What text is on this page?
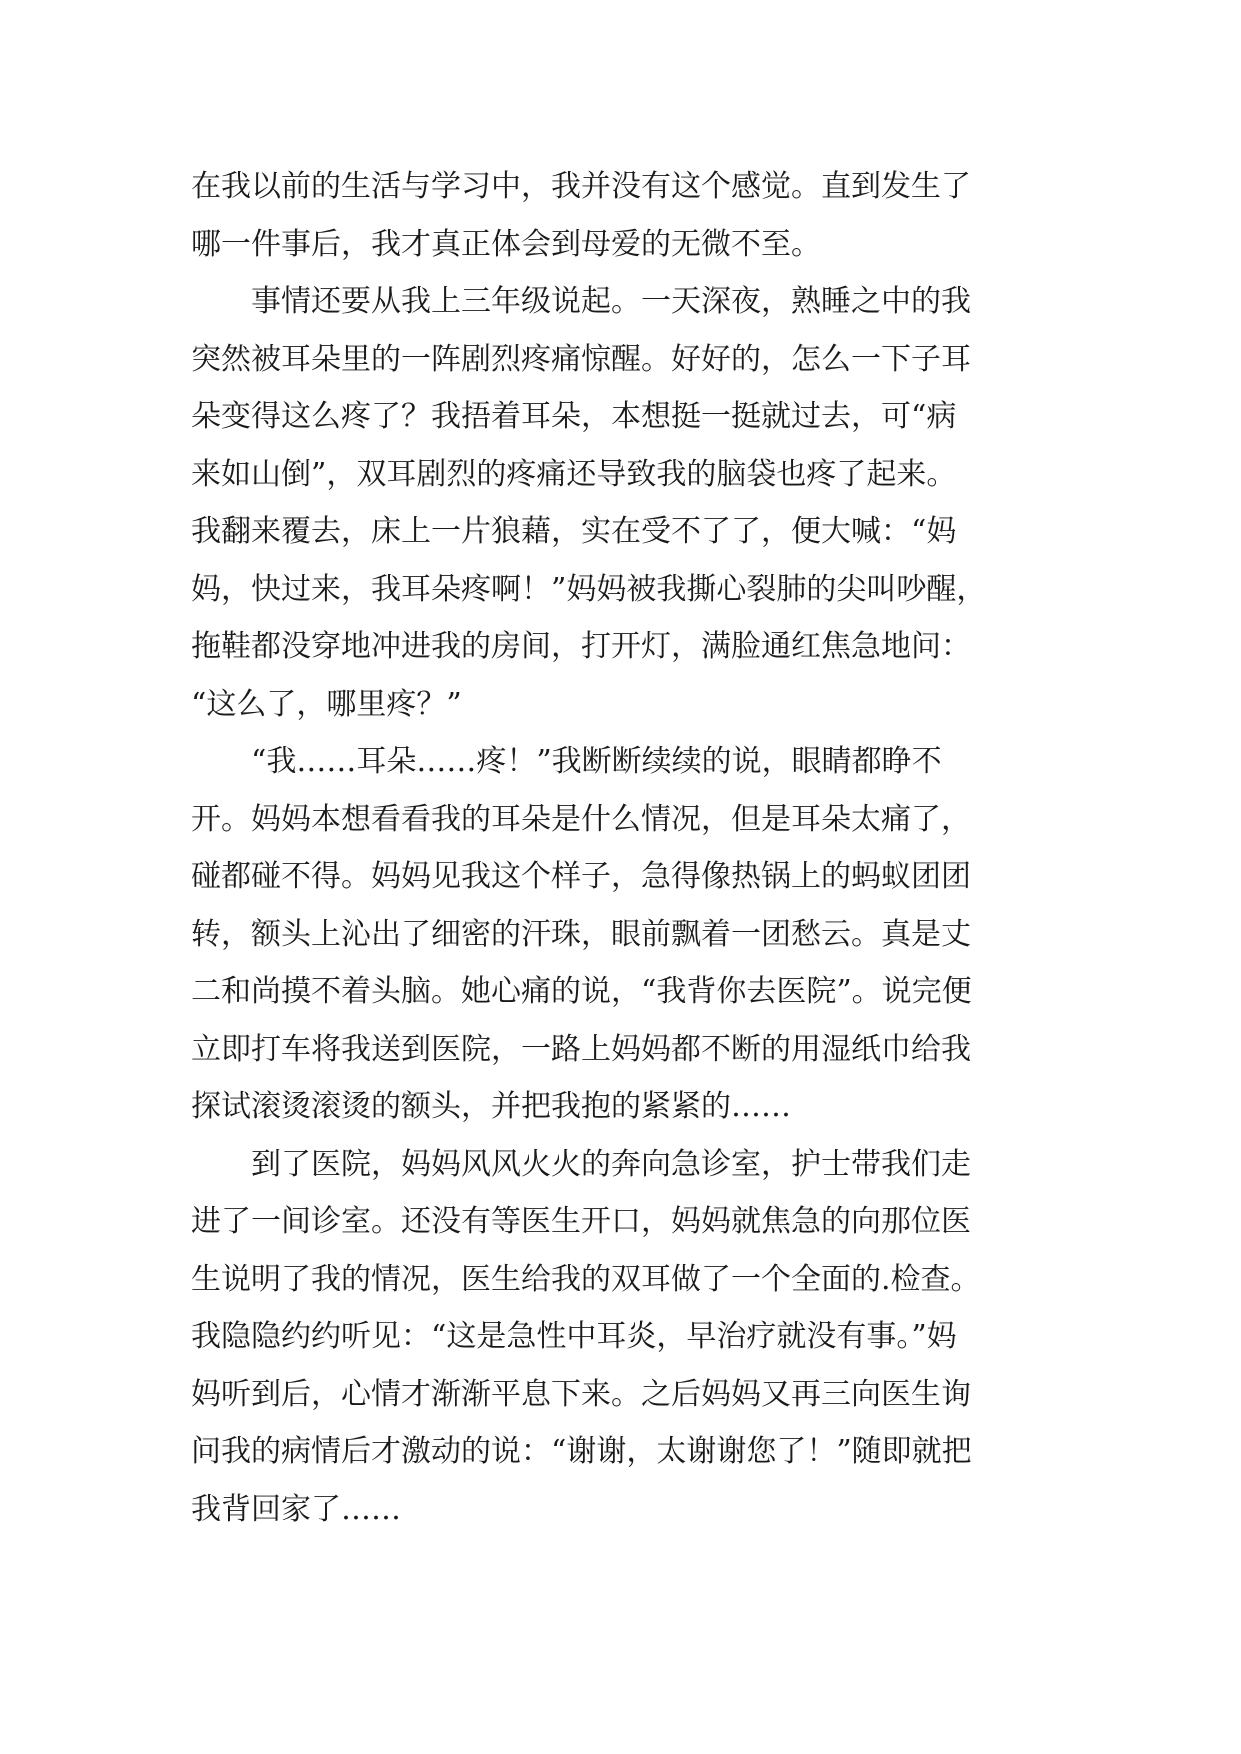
在我以前的生活与学习中，我并没有这个感觉。直到发生了
哪一件事后，我才真正体会到母爱的无微不至。
事情还要从我上三年级说起。一天深夜，熟睡之中的我
突然被耳朵里的一阵剧烈疼痛惊醒。好好的，怎么一下子耳
朵变得这么疼了？我捂着耳朵，本想挺一挺就过去，可“病
来如山倒”，双耳剧烈的疼痛还导致我的脑袋也疼了起来。
我翻来覆去，床上一片狼藉，实在受不了了，便大喊：“妈
妈，快过来，我耳朵疼啊！”妈妈被我撕心裂肺的尖叫吵醒，
拖鞋都没穿地冲进我的房间，打开灯，满脸通红焦急地问：
“这么了，哪里疼？”
“我……耳朵……疼！”我断断续续的说，眼睛都睁不
开。妈妈本想看看我的耳朵是什么情况，但是耳朵太痛了，
碰都碰不得。妈妈见我这个样子，急得像热锅上的蚂蚁团团
转，额头上沁出了细密的汗珠，眼前飘着一团愁云。真是丈
二和尚摸不着头脑。她心痛的说，“我背你去医院”。说完便
立即打车将我送到医院，一路上妈妈都不断的用湿纸巾给我
探试滚烫滚烫的额头，并把我抱的紧紧的……
到了医院，妈妈风风火火的奔向急诊室，护士带我们走
进了一间诊室。还没有等医生开口，妈妈就焦急的向那位医
生说明了我的情况，医生给我的双耳做了一个全面的.检查。
我隐隐约约听见：“这是急性中耳炎，早治疗就没有事。”妈
妈听到后，心情才渐渐平息下来。之后妈妈又再三向医生询
问我的病情后才激动的说：“谢谢，太谢谢您了！”随即就把
我背回家了……
